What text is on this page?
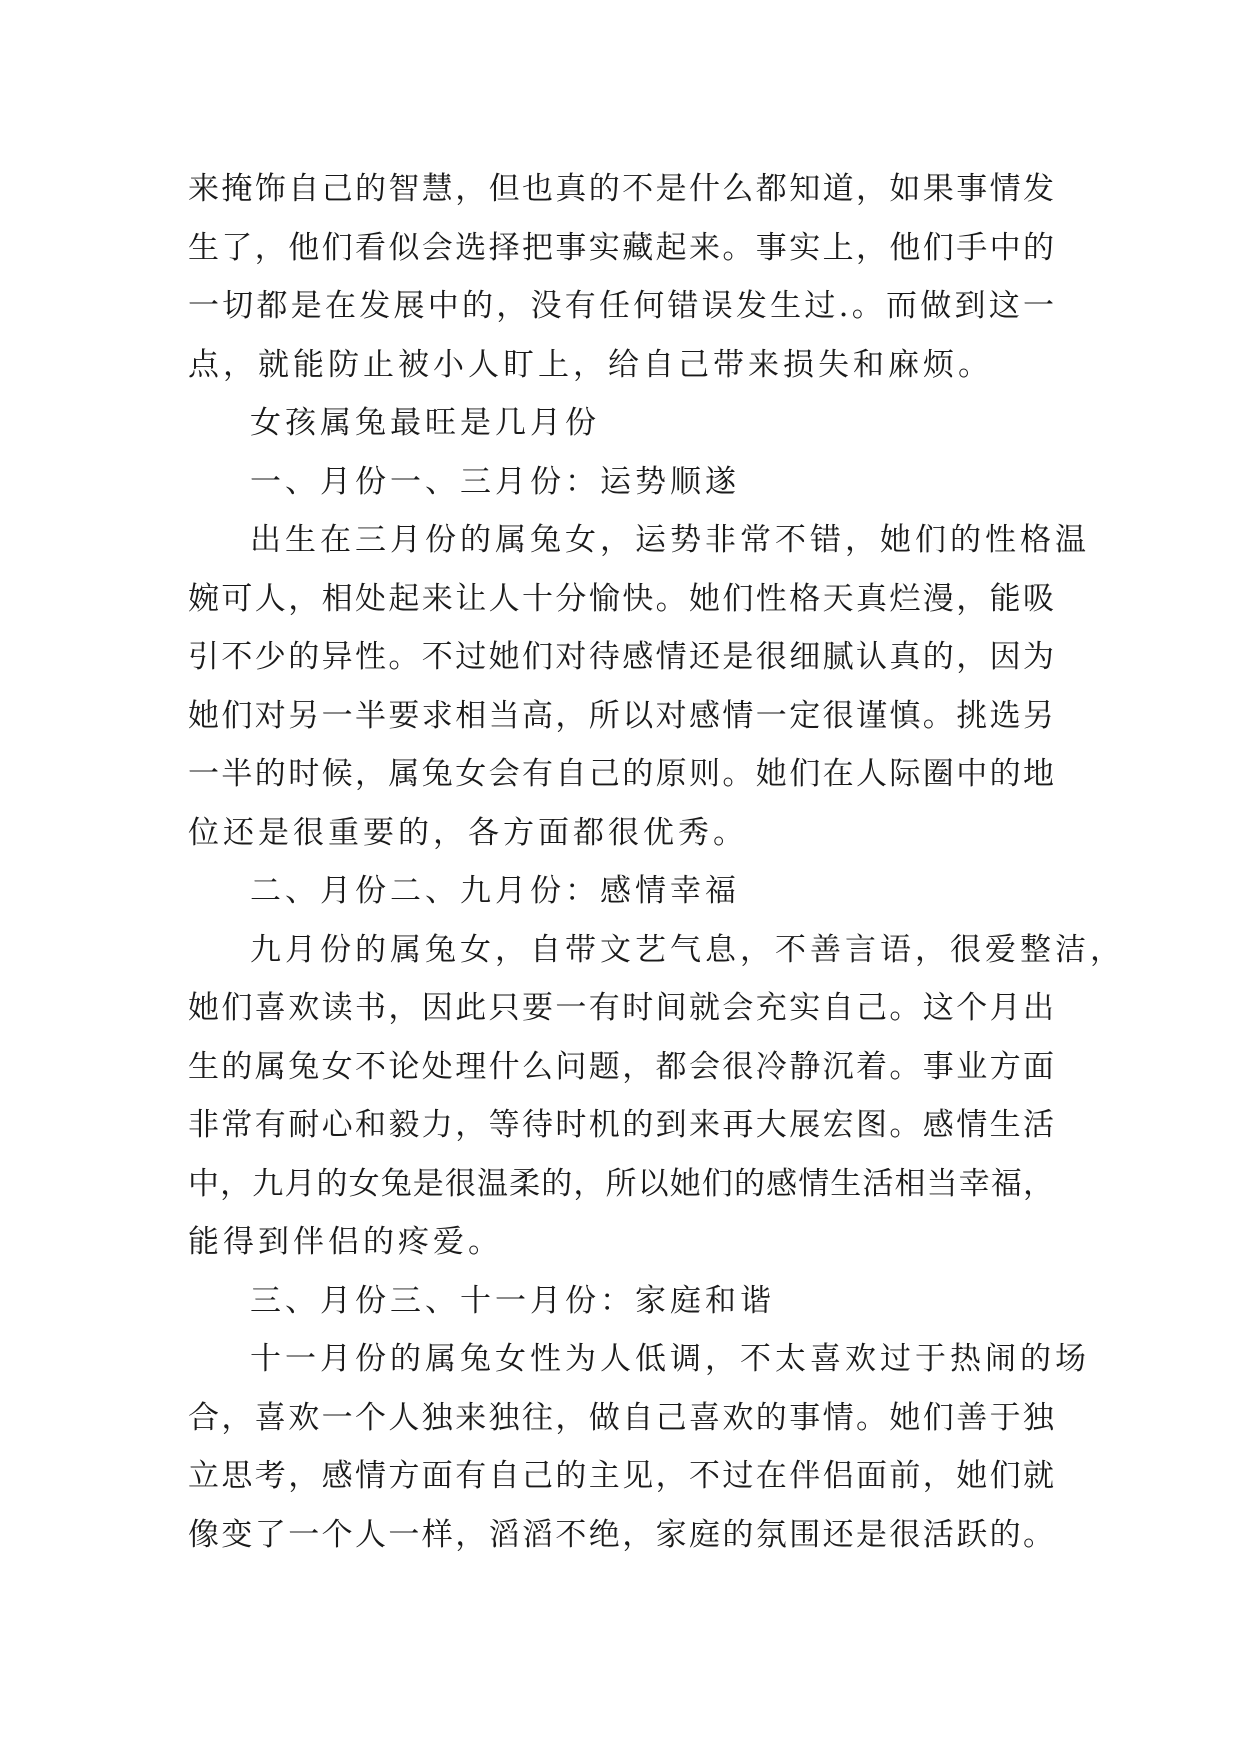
来掩饰自己的智慧，但也真的不是什么都知道，如果事情发
生了，他们看似会选择把事实藏起来。事实上，他们手中的
一切都是在发展中的，没有任何错误发生过.。而做到这一
点，就能防止被小人盯上，给自己带来损失和麻烦。
女孩属兔最旺是几月份
一、月份一、三月份：运势顺遂
出生在三月份的属兔女，运势非常不错，她们的性格温
婉可人，相处起来让人十分愉快。她们性格天真烂漫，能吸
引不少的异性。不过她们对待感情还是很细腻认真的，因为
她们对另一半要求相当高，所以对感情一定很谨慎。挑选另
一半的时候，属兔女会有自己的原则。她们在人际圈中的地
位还是很重要的，各方面都很优秀。
二、月份二、九月份：感情幸福
九月份的属兔女，自带文艺气息，不善言语，很爱整洁，
她们喜欢读书，因此只要一有时间就会充实自己。这个月出
生的属兔女不论处理什么问题，都会很冷静沉着。事业方面
非常有耐心和毅力，等待时机的到来再大展宏图。感情生活
中，九月的女兔是很温柔的，所以她们的感情生活相当幸福，
能得到伴侣的疼爱。
三、月份三、十一月份：家庭和谐
十一月份的属兔女性为人低调，不太喜欢过于热闹的场
合，喜欢一个人独来独往，做自己喜欢的事情。她们善于独
立思考，感情方面有自己的主见，不过在伴侣面前，她们就
像变了一个人一样，滔滔不绝，家庭的氛围还是很活跃的。
